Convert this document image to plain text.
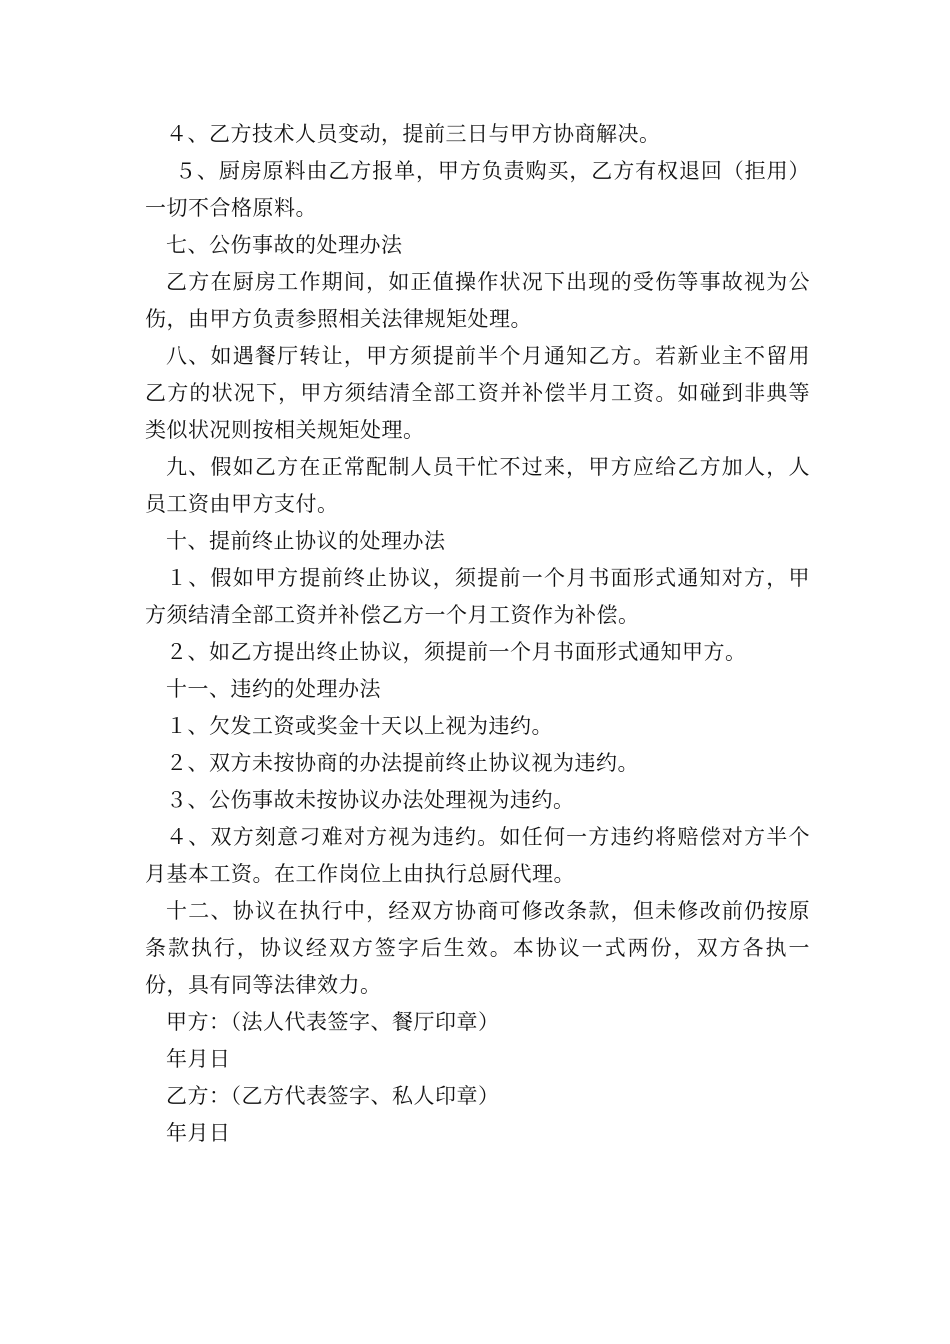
４、乙方技术人员变动，提前三日与甲方协商解决。

５、厨房原料由乙方报单，甲方负责购买，乙方有权退回（拒用）一切不合格原料。

七、公伤事故的处理办法

乙方在厨房工作期间，如正值操作状况下出现的受伤等事故视为公伤，由甲方负责参照相关法律规矩处理。

八、如遇餐厅转让，甲方须提前半个月通知乙方。若新业主不留用乙方的状况下，甲方须结清全部工资并补偿半月工资。如碰到非典等类似状况则按相关规矩处理。

九、假如乙方在正常配制人员干忙不过来，甲方应给乙方加人，人员工资由甲方支付。

十、提前终止协议的处理办法

１、假如甲方提前终止协议，须提前一个月书面形式通知对方，甲方须结清全部工资并补偿乙方一个月工资作为补偿。

２、如乙方提出终止协议，须提前一个月书面形式通知甲方。

十一、违约的处理办法

１、欠发工资或奖金十天以上视为违约。

２、双方未按协商的办法提前终止协议视为违约。

３、公伤事故未按协议办法处理视为违约。

４、双方刻意刁难对方视为违约。如任何一方违约将赔偿对方半个月基本工资。在工作岗位上由执行总厨代理。

十二、协议在执行中，经双方协商可修改条款，但未修改前仍按原条款执行，协议经双方签字后生效。本协议一式两份，双方各执一份，具有同等法律效力。

甲方：（法人代表签字、餐厅印章）

年月日

乙方：（乙方代表签字、私人印章）

年月日
